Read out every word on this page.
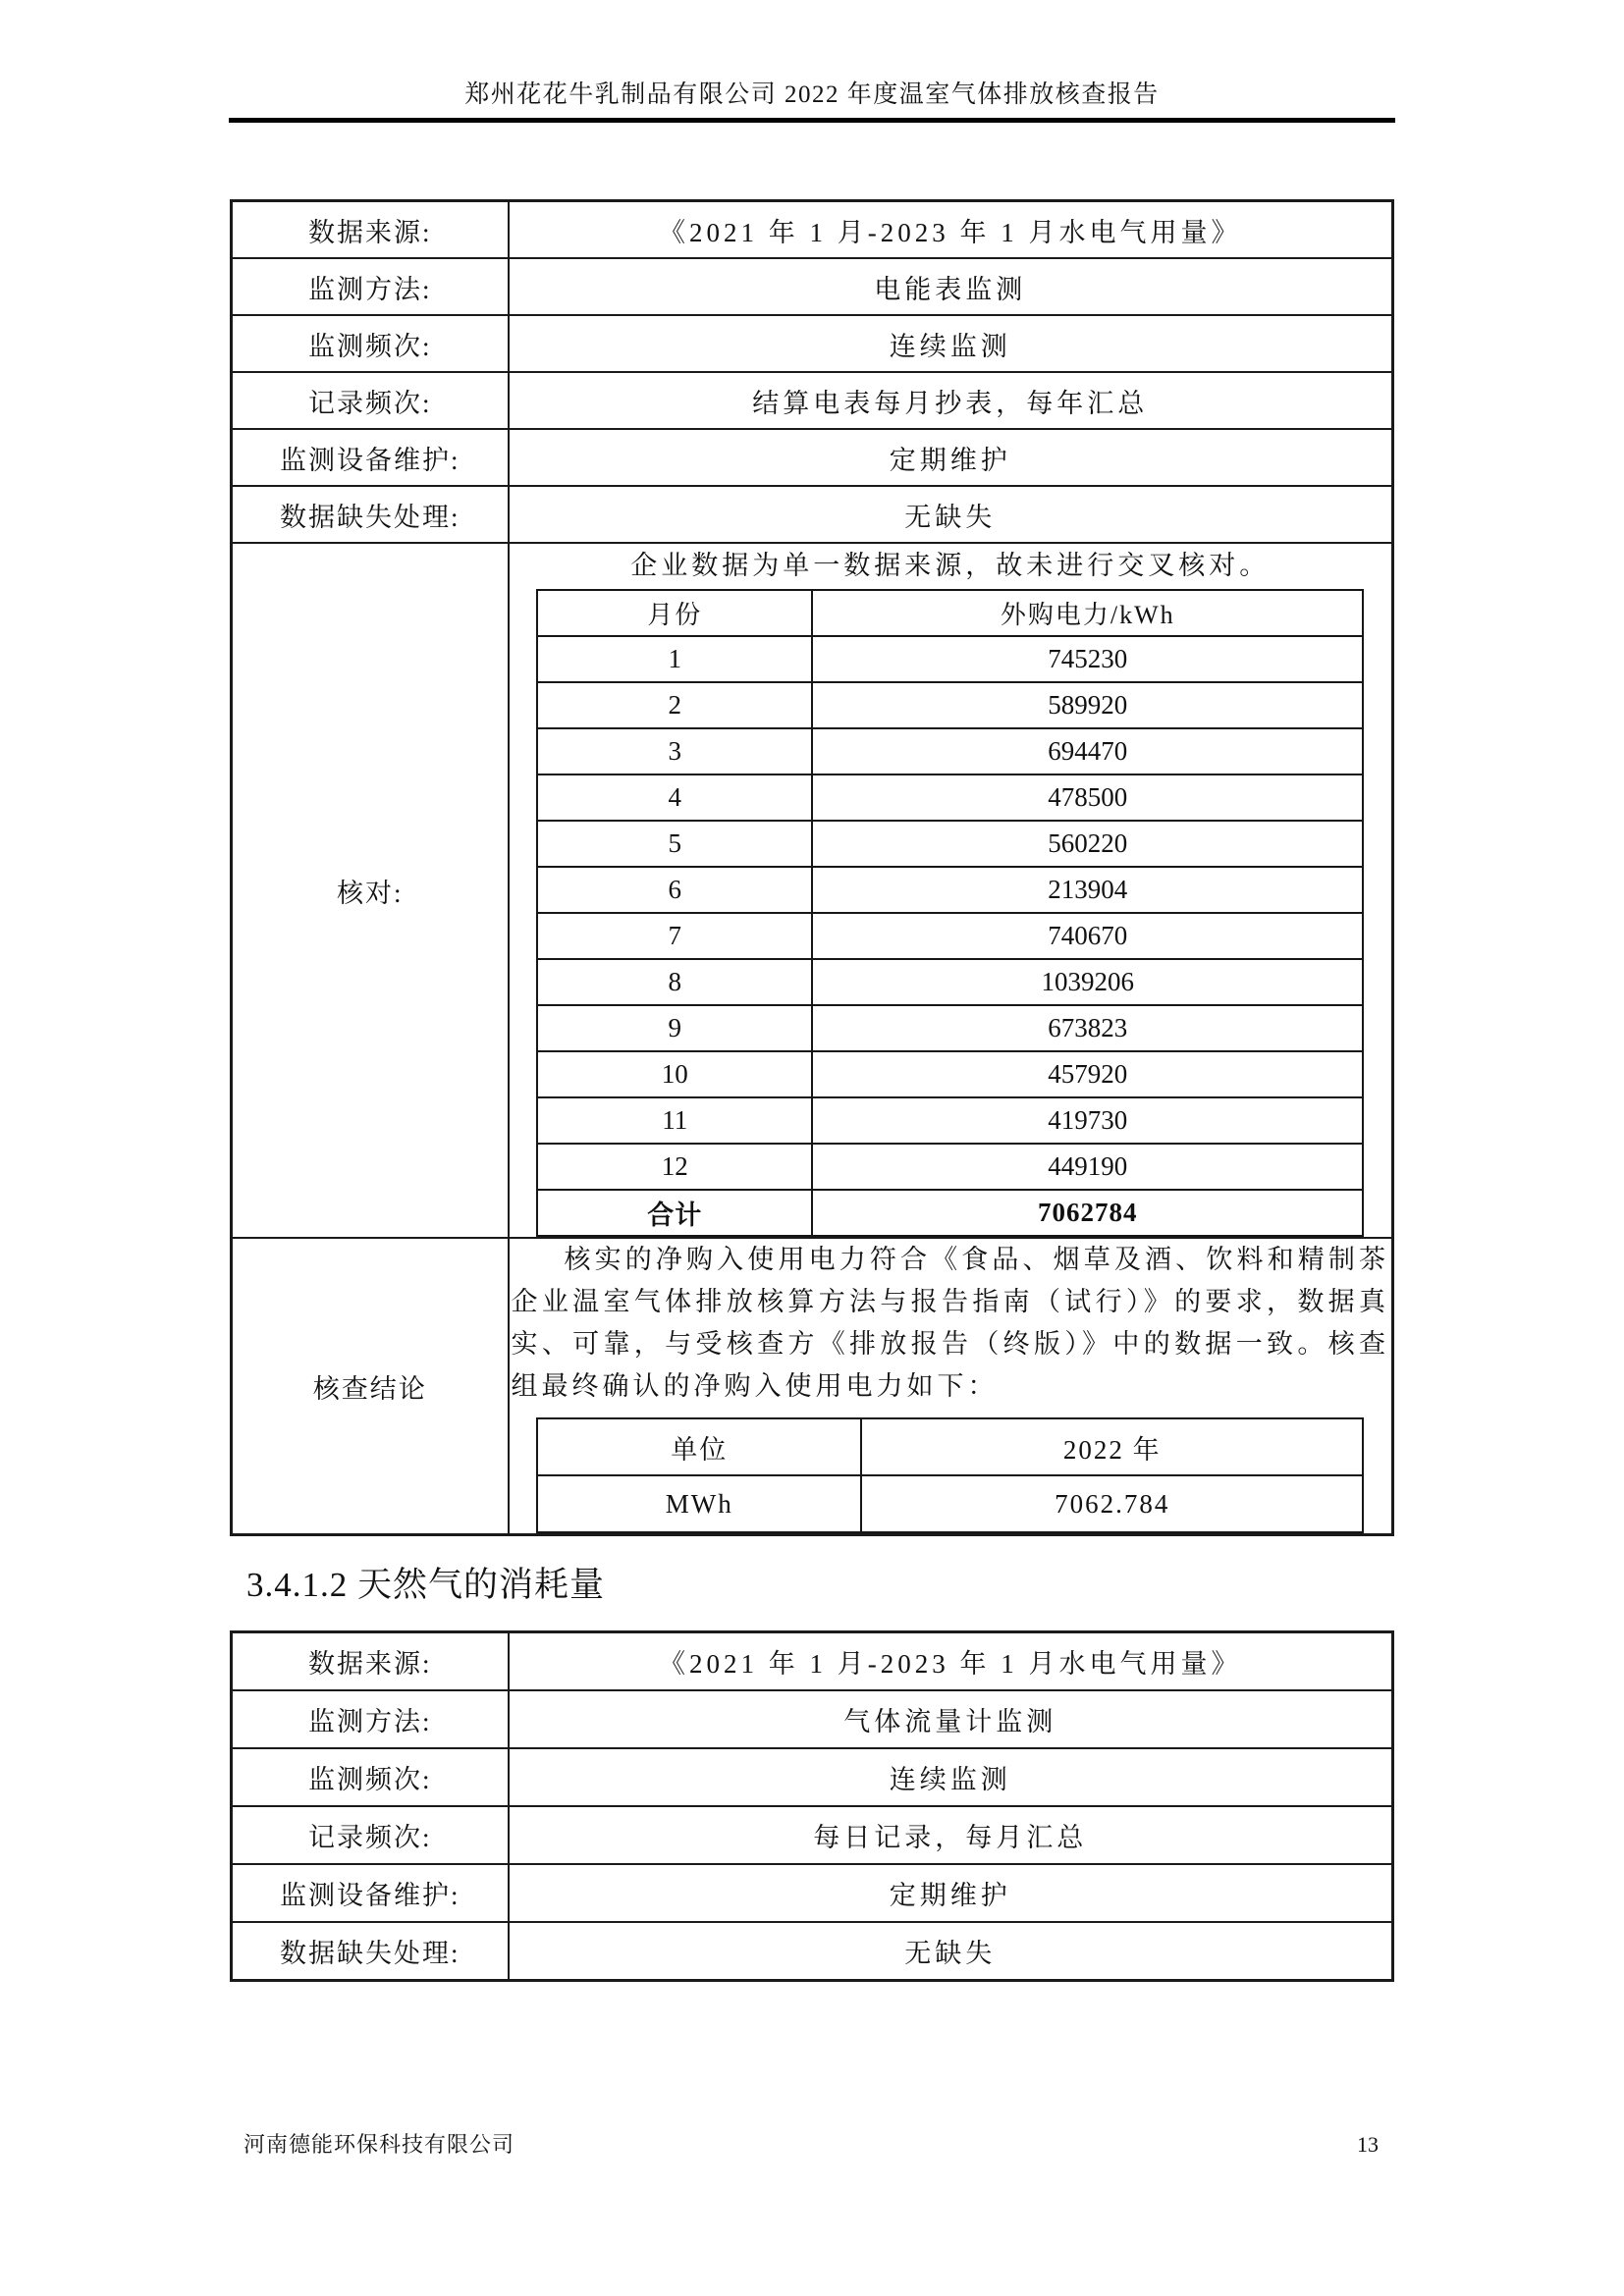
郑州花花牛乳制品有限公司 2022 年度温室气体排放核查报告
数据来源:	《2021 年 1 月-2023 年 1 月水电气用量》
监测方法:	电能表监测
监测频次:	连续监测
记录频次:	结算电表每月抄表，每年汇总
监测设备维护:	定期维护
数据缺失处理:	无缺失
核对:	

企业数据为单一数据来源，故未进行交叉核对。

月份	外购电力/kWh
1	745230
2	589920
3	694470
4	478500
5	560220
6	213904
7	740670
8	1039206
9	673823
10	457920
11	419730
12	449190
合计	7062784

核查结论	

核实的净购入使用电力符合《食品、烟草及酒、饮料和精制茶企业温室气体排放核算方法与报告指南（试行）》的要求，数据真实、可靠，与受核查方《排放报告（终版）》中的数据一致。核查组最终确认的净购入使用电力如下：

单位	2022 年
MWh	7062.784
3.4.1.2 天然气的消耗量
数据来源:	《2021 年 1 月-2023 年 1 月水电气用量》
监测方法:	气体流量计监测
监测频次:	连续监测
记录频次:	每日记录，每月汇总
监测设备维护:	定期维护
数据缺失处理:	无缺失
河南德能环保科技有限公司	13
